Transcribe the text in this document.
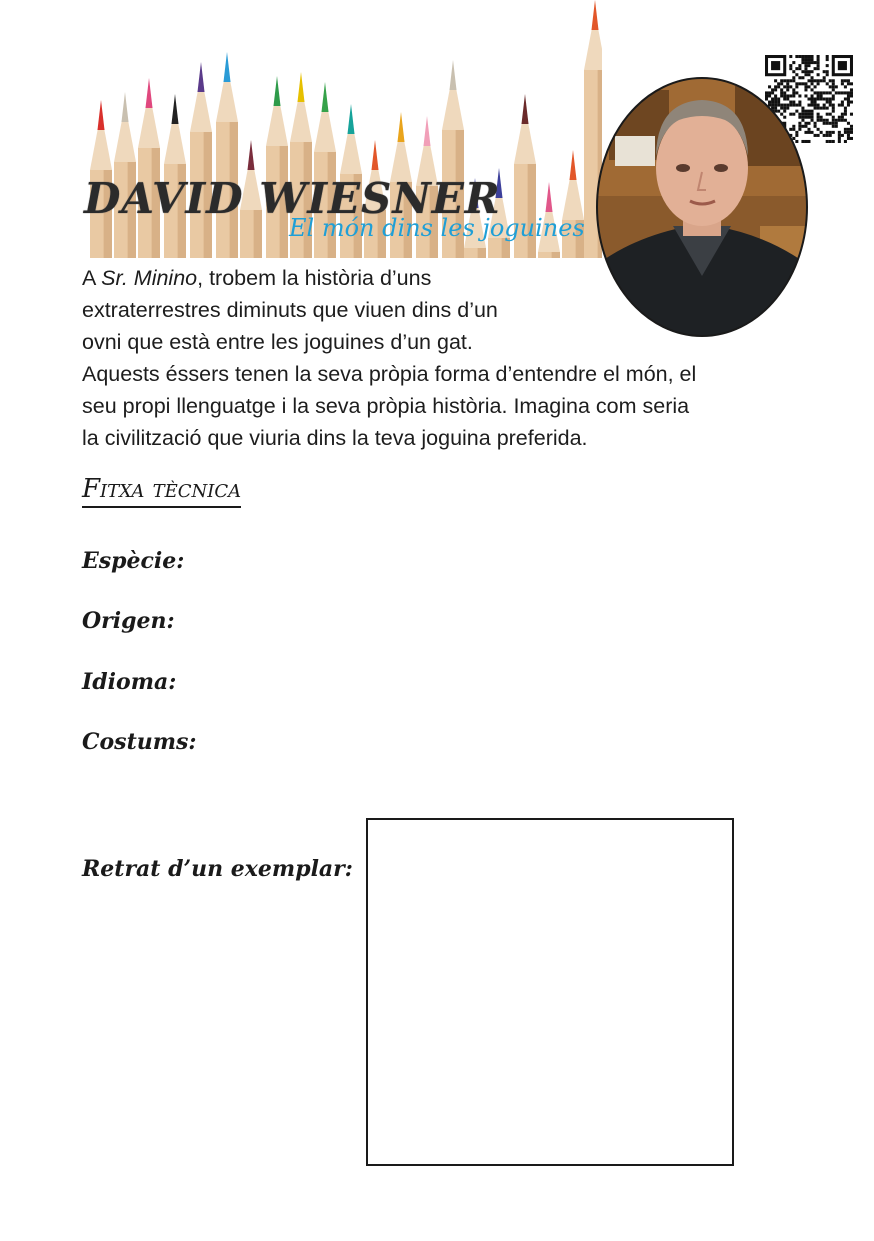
DAVID WIESNER
El món dins les joguines
A Sr. Minino, trobem la història d’uns
extraterrestres diminuts que viuen dins d’un
ovni que està entre les joguines d’un gat.
Aquests éssers tenen la seva pròpia forma d’entendre el món, el
seu propi llenguatge i la seva pròpia història. Imagina com seria
la civilització que viuria dins la teva joguina preferida.
Fitxa tècnica
Espècie:
Origen:
Idioma:
Costums:
Retrat d’un exemplar:
